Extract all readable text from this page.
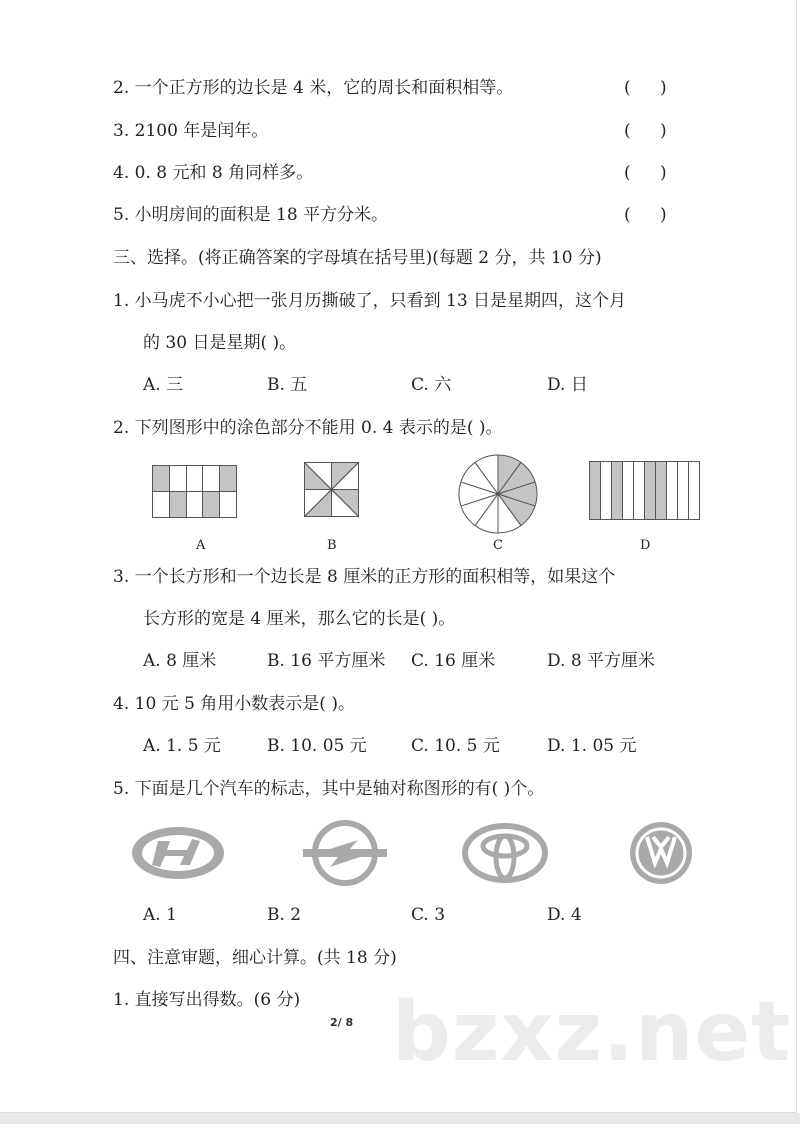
2. 一个正方形的边长是 4 米，它的周长和面积相等。	( )
3. 2100 年是闰年。	( )
4. 0. 8 元和 8 角同样多。	( )
5. 小明房间的面积是 18 平方分米。	( )
三、选择。(将正确答案的字母填在括号里)(每题 2 分，共 10 分)
1. 小马虎不小心把一张月历撕破了，只看到 13 日是星期四，这个月
的 30 日是星期( )。
A. 三	B. 五	C. 六	D. 日
2. 下列图形中的涂色部分不能用 0. 4 表示的是( )。
A	B	C	D
3. 一个长方形和一个边长是 8 厘米的正方形的面积相等，如果这个
长方形的宽是 4 厘米，那么它的长是( )。
A. 8 厘米	B. 16 平方厘米 C. 16 厘米	D. 8 平方厘米
4. 10 元 5 角用小数表示是( )。
A. 1. 5 元	B. 10. 05 元	C. 10. 5 元	D. 1. 05 元
5. 下面是几个汽车的标志，其中是轴对称图形的有( )个。
A. 1	B. 2	C. 3	D. 4
四、注意审题，细心计算。(共 18 分)
1. 直接写出得数。(6 分) bzxz.net
2/ 8
